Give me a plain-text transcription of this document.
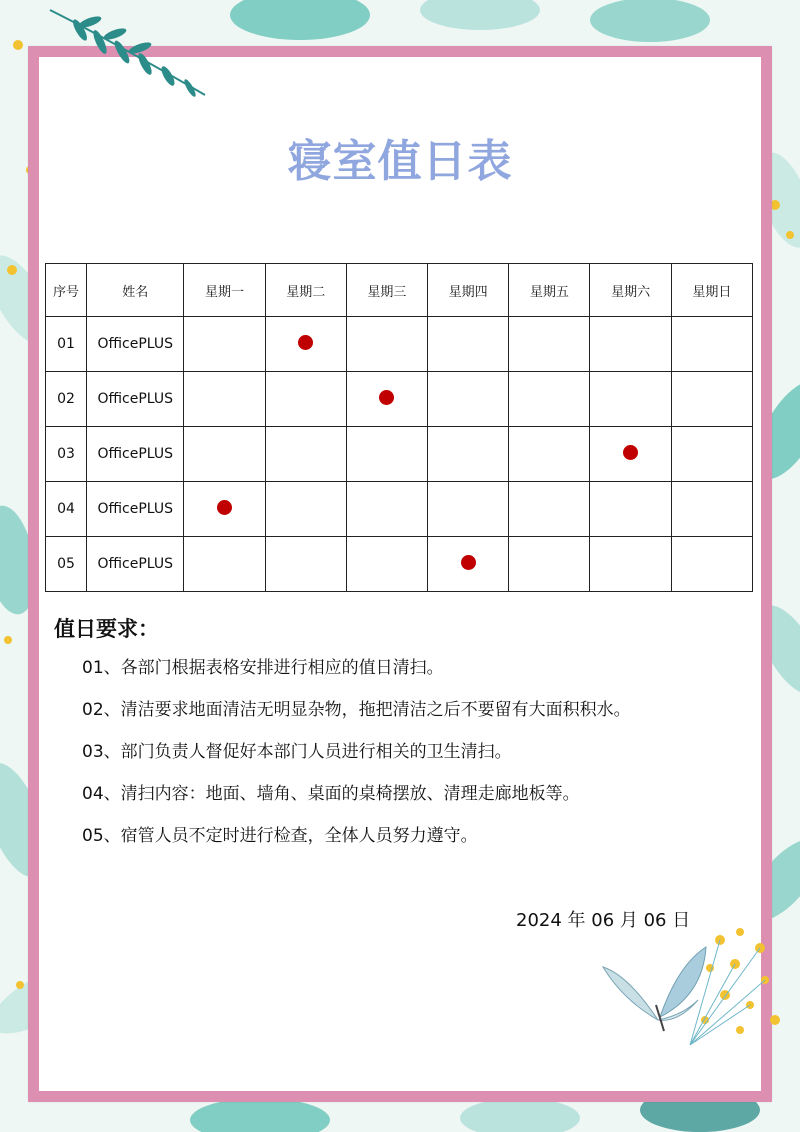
寝室值日表
序号	姓名	星期一	星期二	星期三	星期四	星期五	星期六	星期日
01	OfficePLUS							
02	OfficePLUS							
03	OfficePLUS							
04	OfficePLUS							
05	OfficePLUS							
值日要求：
01、各部门根据表格安排进行相应的值日清扫。
02、清洁要求地面清洁无明显杂物，拖把清洁之后不要留有大面积积水。
03、部门负责人督促好本部门人员进行相关的卫生清扫。
04、清扫内容：地面、墙角、桌面的桌椅摆放、清理走廊地板等。
05、宿管人员不定时进行检查，全体人员努力遵守。
2024 年 06 月 06 日
